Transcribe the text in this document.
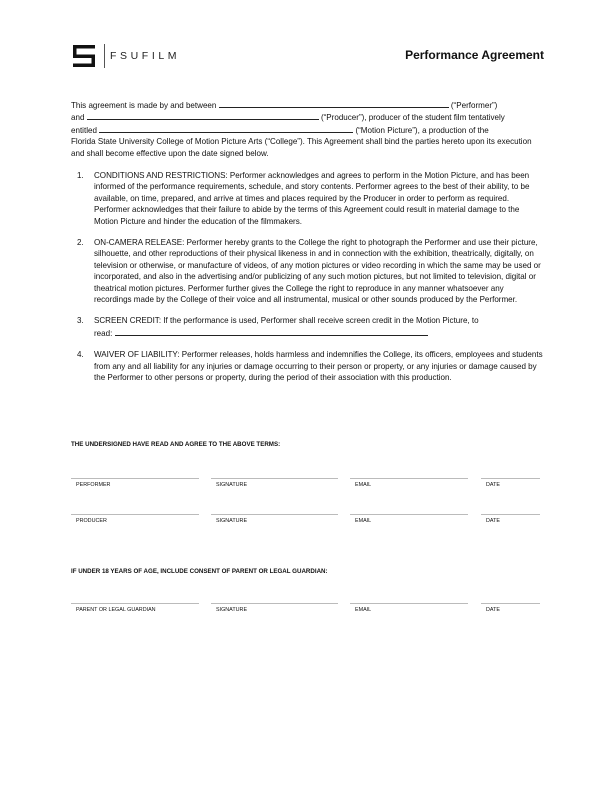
FSUFILM	Performance Agreement
This agreement is made by and between	(“Performer”)
and	(“Producer”), producer of the student film tentatively
entitled	(“Motion Picture”), a production of the
Florida State University College of Motion Picture Arts (“College”). This Agreement shall bind the parties hereto upon its execution and shall become effective upon the date signed below.
1. CONDITIONS AND RESTRICTIONS: Performer acknowledges and agrees to perform in the Motion Picture, and has been informed of the performance requirements, schedule, and story contents. Performer agrees to the best of their ability, to be available, on time, prepared, and arrive at times and places required by the Producer in order to perform as required. Performer acknowledges that their failure to abide by the terms of this Agreement could result in material damage to the Motion Picture and hinder the education of the filmmakers.
2. ON-CAMERA RELEASE: Performer hereby grants to the College the right to photograph the Performer and use their picture, silhouette, and other reproductions of their physical likeness in and in connection with the exhibition, theatrically, digitally, on television or otherwise, or manufacture of videos, of any motion pictures or video recording in which the same may be used or incorporated, and also in the advertising and/or publicizing of any such motion pictures, but not limited to television, digital or theatrical motion pictures. Performer further gives the College the right to reproduce in any manner whatsoever any recordings made by the College of their voice and all instrumental, musical or other sounds produced by the Performer.
3. SCREEN CREDIT: If the performance is used, Performer shall receive screen credit in the Motion Picture, to
read:
4. WAIVER OF LIABILITY: Performer releases, holds harmless and indemnifies the College, its officers, employees and students from any and all liability for any injuries or damage occurring to their person or property, or any injuries or damage caused by the Performer to other persons or property, during the period of their association with this production.
THE UNDERSIGNED HAVE READ AND AGREE TO THE ABOVE TERMS:
PERFORMER	SIGNATURE	EMAIL	DATE
PRODUCER	SIGNATURE	EMAIL	DATE
IF UNDER 18 YEARS OF AGE, INCLUDE CONSENT OF PARENT OR LEGAL GUARDIAN:
PARENT OR LEGAL GUARDIAN	SIGNATURE	EMAIL	DATE
